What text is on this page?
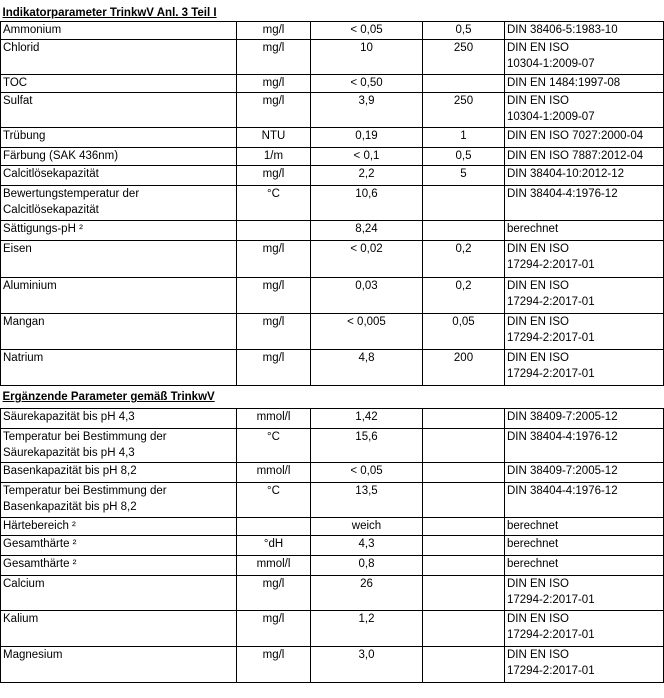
Indikatorparameter TrinkwV Anl. 3 Teil I				
Ammonium	mg/l	< 0,05	0,5	DIN 38406-5:1983-10
Chlorid	mg/l	10	250	DIN EN ISO
10304-1:2009-07
TOC	mg/l	< 0,50		DIN EN 1484:1997-08
Sulfat	mg/l	3,9	250	DIN EN ISO
10304-1:2009-07
Trübung	NTU	0,19	1	DIN EN ISO 7027:2000-04
Färbung (SAK 436nm)	1/m	< 0,1	0,5	DIN EN ISO 7887:2012-04
Calcitlösekapazität	mg/l	2,2	5	DIN 38404-10:2012-12
Bewertungstemperatur der
Calcitlösekapazität	°C	10,6		DIN 38404-4:1976-12
Sättigungs-pH ²		8,24		berechnet
Eisen	mg/l	< 0,02	0,2	DIN EN ISO
17294-2:2017-01
Aluminium	mg/l	0,03	0,2	DIN EN ISO
17294-2:2017-01
Mangan	mg/l	< 0,005	0,05	DIN EN ISO
17294-2:2017-01
Natrium	mg/l	4,8	200	DIN EN ISO
17294-2:2017-01
Ergänzende Parameter gemäß TrinkwV				
Säurekapazität bis pH 4,3	mmol/l	1,42		DIN 38409-7:2005-12
Temperatur bei Bestimmung der
Säurekapazität bis pH 4,3	°C	15,6		DIN 38404-4:1976-12
Basenkapazität bis pH 8,2	mmol/l	< 0,05		DIN 38409-7:2005-12
Temperatur bei Bestimmung der
Basenkapazität bis pH 8,2	°C	13,5		DIN 38404-4:1976-12
Härtebereich ²		weich		berechnet
Gesamthärte ²	°dH	4,3		berechnet
Gesamthärte ²	mmol/l	0,8		berechnet
Calcium	mg/l	26		DIN EN ISO
17294-2:2017-01
Kalium	mg/l	1,2		DIN EN ISO
17294-2:2017-01
Magnesium	mg/l	3,0		DIN EN ISO
17294-2:2017-01
